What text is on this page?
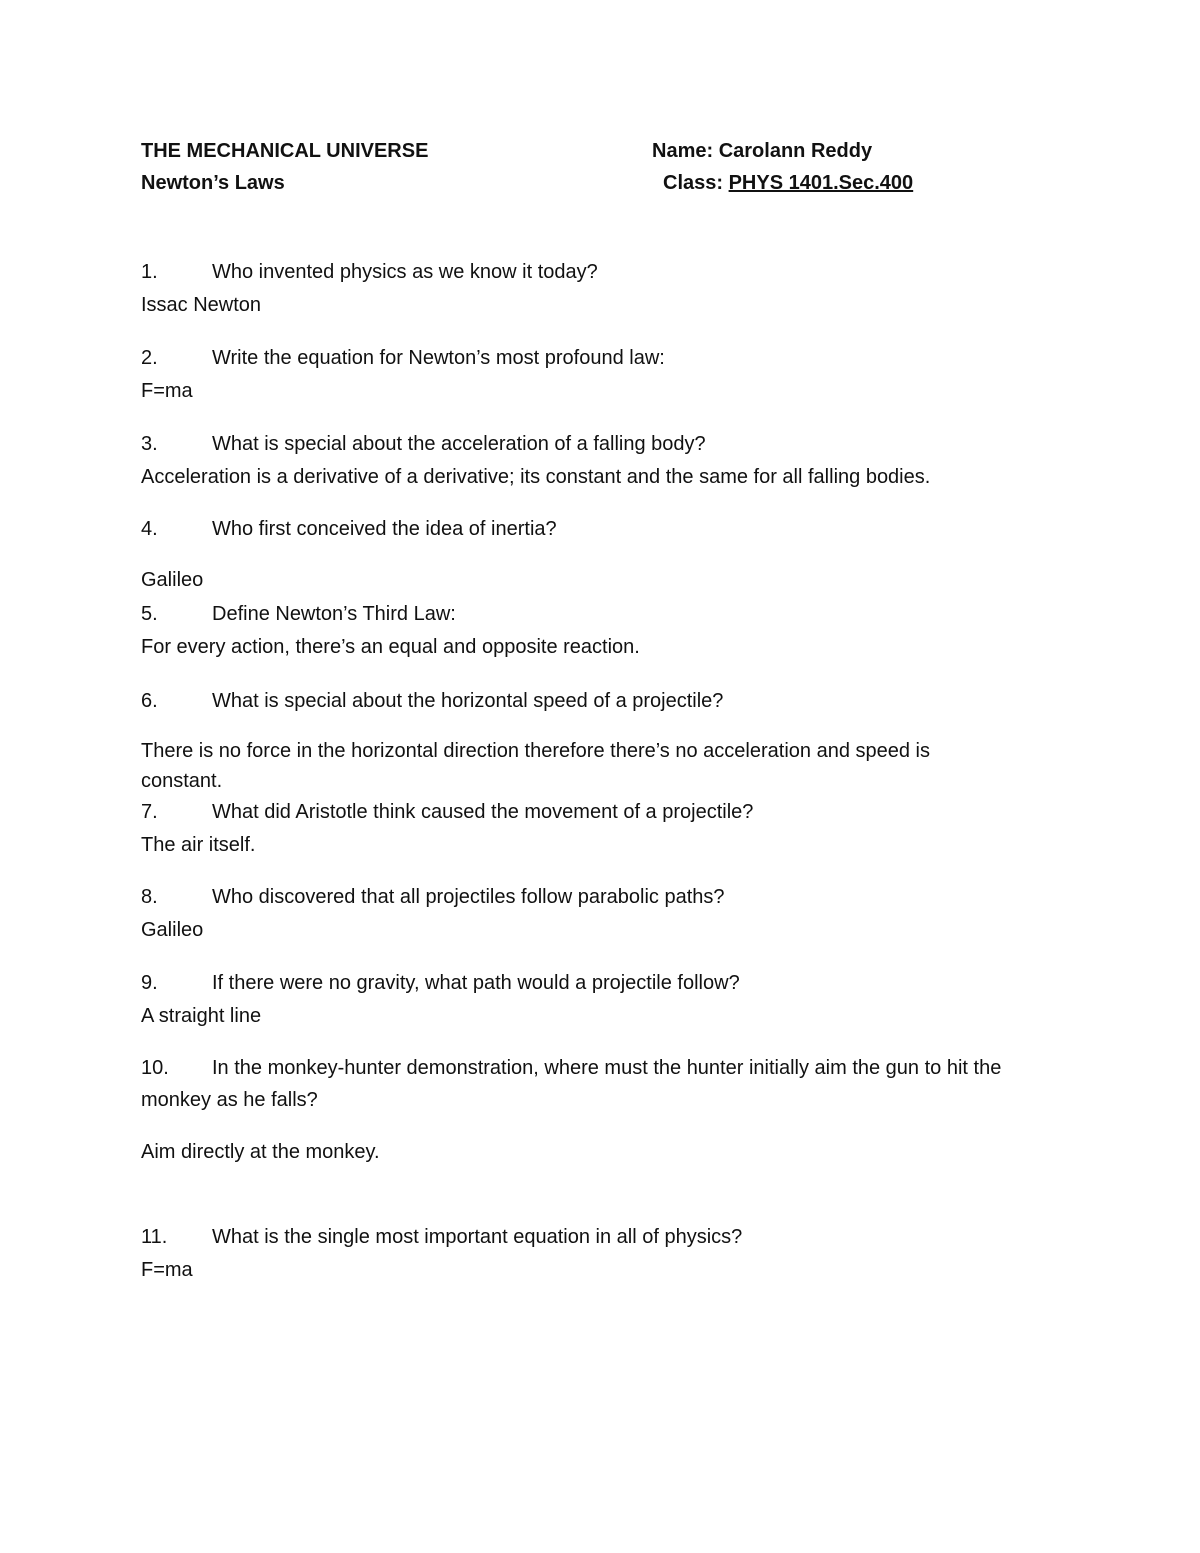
THE MECHANICAL UNIVERSE
Newton’s Laws
Name: Carolann Reddy
Class: PHYS 1401.Sec.400
1.	Who invented physics as we know it today?
Issac Newton
2.	Write the equation for Newton’s most profound law:
F=ma
3.	What is special about the acceleration of a falling body?
Acceleration is a derivative of a derivative; its constant and the same for all falling bodies.
4.	Who first conceived the idea of inertia?
Galileo
5.	Define Newton’s Third Law:
For every action, there’s an equal and opposite reaction.
6.	What is special about the horizontal speed of a projectile?
There is no force in the horizontal direction therefore there’s no acceleration and speed is constant.
7.	What did Aristotle think caused the movement of a projectile?
The air itself.
8.	Who discovered that all projectiles follow parabolic paths?
Galileo
9.	If there were no gravity, what path would a projectile follow?
A straight line
10. In the monkey-hunter demonstration, where must the hunter initially aim the gun to hit the monkey as he falls?
Aim directly at the monkey.
11.	What is the single most important equation in all of physics?
F=ma
